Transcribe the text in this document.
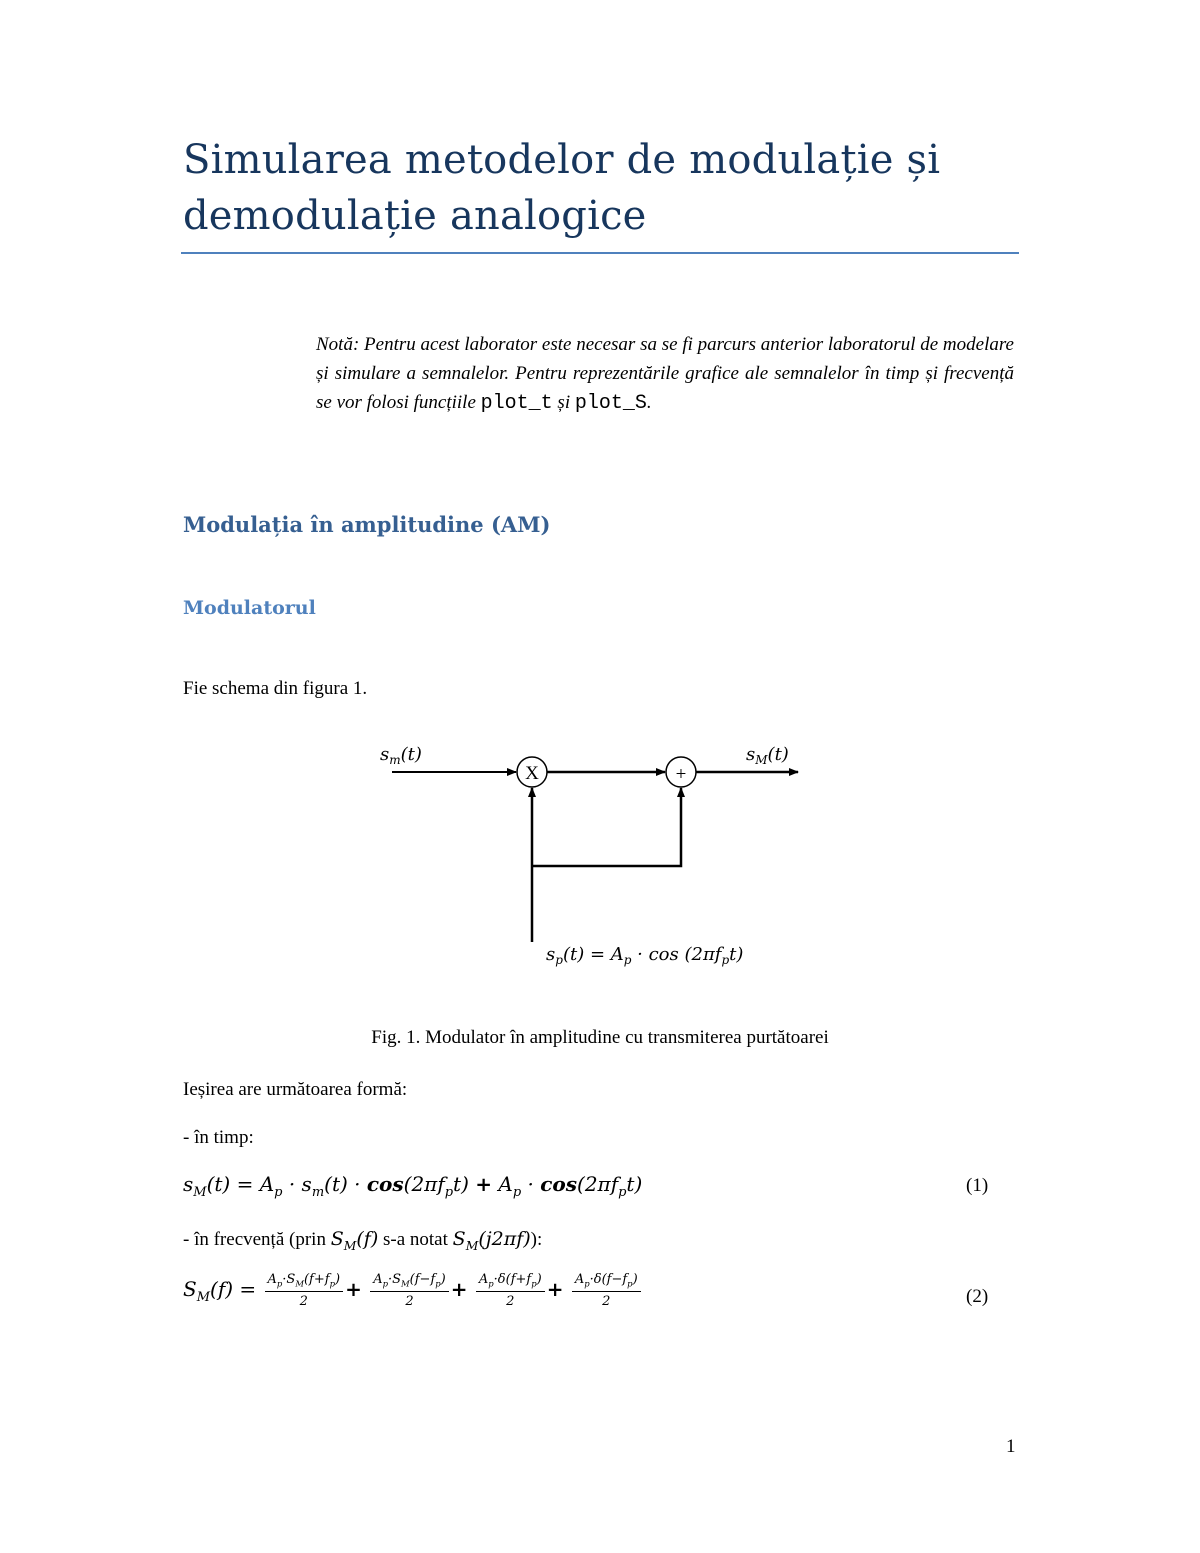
Simularea metodelor de modulație și
demodulație analogice
Notă: Pentru acest laborator este necesar sa se fi parcurs anterior laboratorul de modelare și simulare a semnalelor. Pentru reprezentările grafice ale semnalelor în timp și frecvență se vor folosi funcțiile plot_t și plot_S.
Modulația în amplitudine (AM)
Modulatorul
Fie schema din figura 1.
X	+
$s_m(t)$	$s_M(t)$
$s_p(t) = A_p \cdot \cos (2\pi f_pt)$
Fig. 1. Modulator în amplitudine cu transmiterea purtătoarei
Ieșirea are următoarea formă:
- în timp:
$s_M(t) = A_p \cdot s_m(t) \cdot \cos(2\pi f_pt) + A_p \cdot \cos(2\pi f_pt)$	(1)
- în frecvență (prin $S_M(f)$ s-a notat $S_M(j2\pi f)$):
$S_M(f) = \frac{A_p\cdot S_M(f+f_p)}{2} + \frac{A_p\cdot S_M(f-f_p)}{2} + \frac{A_p\cdot\delta(f+f_p)}{2} + \frac{A_p\cdot\delta(f-f_p)}{2}$	(2)
1
